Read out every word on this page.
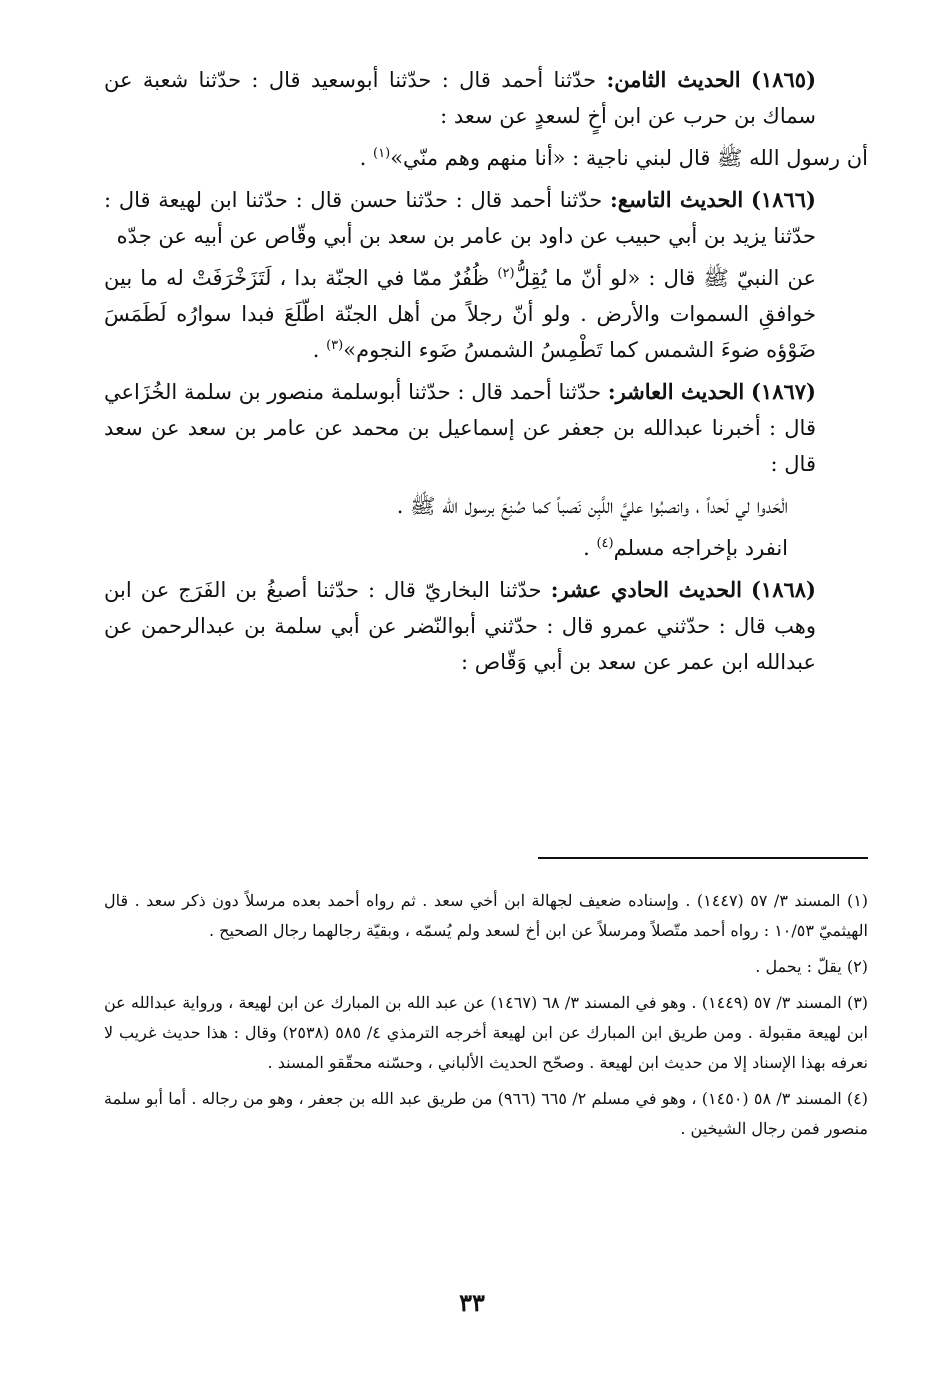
(١٨٦٥) الحديث الثامن: حدّثنا أحمد قال : حدّثنا أبوسعيد قال : حدّثنا شعبة عن سماك بن حرب عن ابن أخٍ لسعدٍ عن سعد :

أن رسول الله ﷺ قال لبني ناجية : «أنا منهم وهم منّي»$^{(١)}$ .

(١٨٦٦) الحديث التاسع: حدّثنا أحمد قال : حدّثنا حسن قال : حدّثنا ابن لهيعة قال : حدّثنا يزيد بن أبي حبيب عن داود بن عامر بن سعد بن أبي وقّاص عن أبيه عن جدّه

عن النبيّ ﷺ قال : «لو أنّ ما يُقِلُّ$^{(٢)}$ ظُفُرٌ ممّا في الجنّة بدا ، لَتَزَخْرَفَتْ له ما بين خوافقِ السموات والأرض . ولو أنّ رجلاً من أهل الجنّة اطّلَعَ فبدا سوارُه لَطَمَسَ ضَوْؤه ضوءَ الشمس كما تَطْمِسُ الشمسُ ضَوء النجوم»$^{(٣)}$ .

(١٨٦٧) الحديث العاشر: حدّثنا أحمد قال : حدّثنا أبوسلمة منصور بن سلمة الخُزَاعي قال : أخبرنا عبدالله بن جعفر عن إسماعيل بن محمد عن عامر بن سعد عن سعد قال :

الْحَدوا لي لَحداً ، وانصبُوا عليَّ اللَّبِن نَصباً كما صُنِعَ برسول الله ﷺ .

انفرد بإخراجه مسلم$^{(٤)}$ .

(١٨٦٨) الحديث الحادي عشر: حدّثنا البخاريّ قال : حدّثنا أصبغُ بن الفَرَج عن ابن وهب قال : حدّثني عمرو قال : حدّثني أبوالنّضر عن أبي سلمة بن عبدالرحمن عن عبدالله ابن عمر عن سعد بن أبي وَقّاص :

(١) المسند ٣/ ٥٧ (١٤٤٧) . وإسناده ضعيف لجهالة ابن أخي سعد . ثم رواه أحمد بعده مرسلاً دون ذكر سعد . قال الهيثميّ ١٠/٥٣ : رواه أحمد متّصلاً ومرسلاً عن ابن أخ لسعد ولم يُسمّه ، وبقيّة رجالهما رجال الصحيح .

(٢) يقلّ : يحمل .

(٣) المسند ٣/ ٥٧ (١٤٤٩) . وهو في المسند ٣/ ٦٨ (١٤٦٧) عن عبد الله بن المبارك عن ابن لهيعة ، ورواية عبدالله عن ابن لهيعة مقبولة . ومن طريق ابن المبارك عن ابن لهيعة أخرجه الترمذي ٤/ ٥٨٥ (٢٥٣٨) وقال : هذا حديث غريب لا نعرفه بهذا الإسناد إلا من حديث ابن لهيعة . وصحّح الحديث الألباني ، وحسّنه محقّقو المسند .

(٤) المسند ٣/ ٥٨ (١٤٥٠) ، وهو في مسلم ٢/ ٦٦٥ (٩٦٦) من طريق عبد الله بن جعفر ، وهو من رجاله . أما أبو سلمة منصور فمن رجال الشيخين .

٣٣
